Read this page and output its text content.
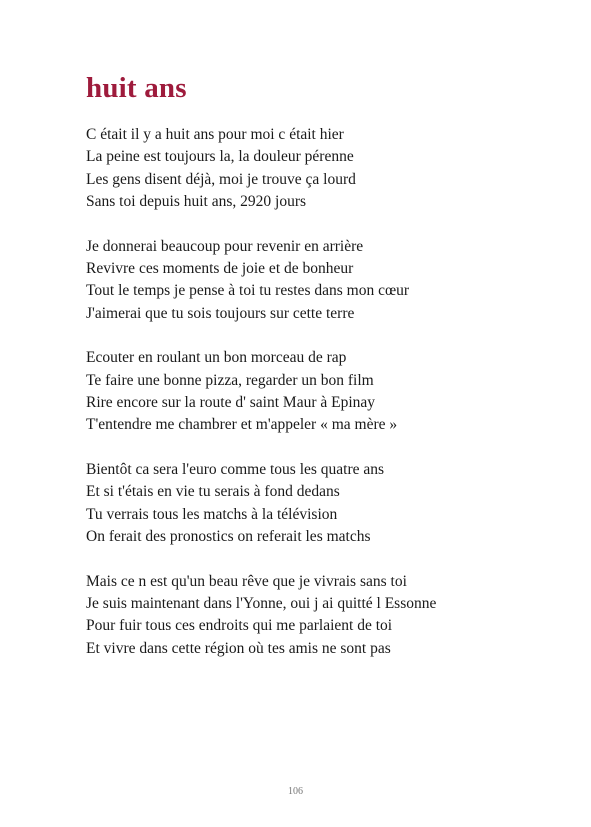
huit ans
C était il y a huit ans pour moi c était hier
La peine est toujours la, la douleur pérenne
Les gens disent déjà, moi je trouve ça lourd
Sans toi depuis huit ans, 2920 jours
Je donnerai beaucoup pour revenir en arrière
Revivre ces moments de joie et de bonheur
Tout le temps je pense à toi tu restes dans mon cœur
J'aimerai que tu sois toujours sur cette terre
Ecouter en roulant un bon morceau de rap
Te faire une bonne pizza, regarder un bon film
Rire encore sur la route d' saint Maur à Epinay
T'entendre me chambrer et m'appeler « ma mère »
Bientôt ca sera l'euro comme tous les quatre ans
Et si t'étais en vie tu serais à fond dedans
Tu verrais tous les matchs à la télévision
On ferait des pronostics on referait les matchs
Mais ce n est qu'un beau rêve que je vivrais sans toi
Je suis maintenant dans l'Yonne, oui j ai quitté l Essonne
Pour fuir tous ces endroits qui me parlaient de toi
Et vivre dans cette région où tes amis ne sont pas
106
